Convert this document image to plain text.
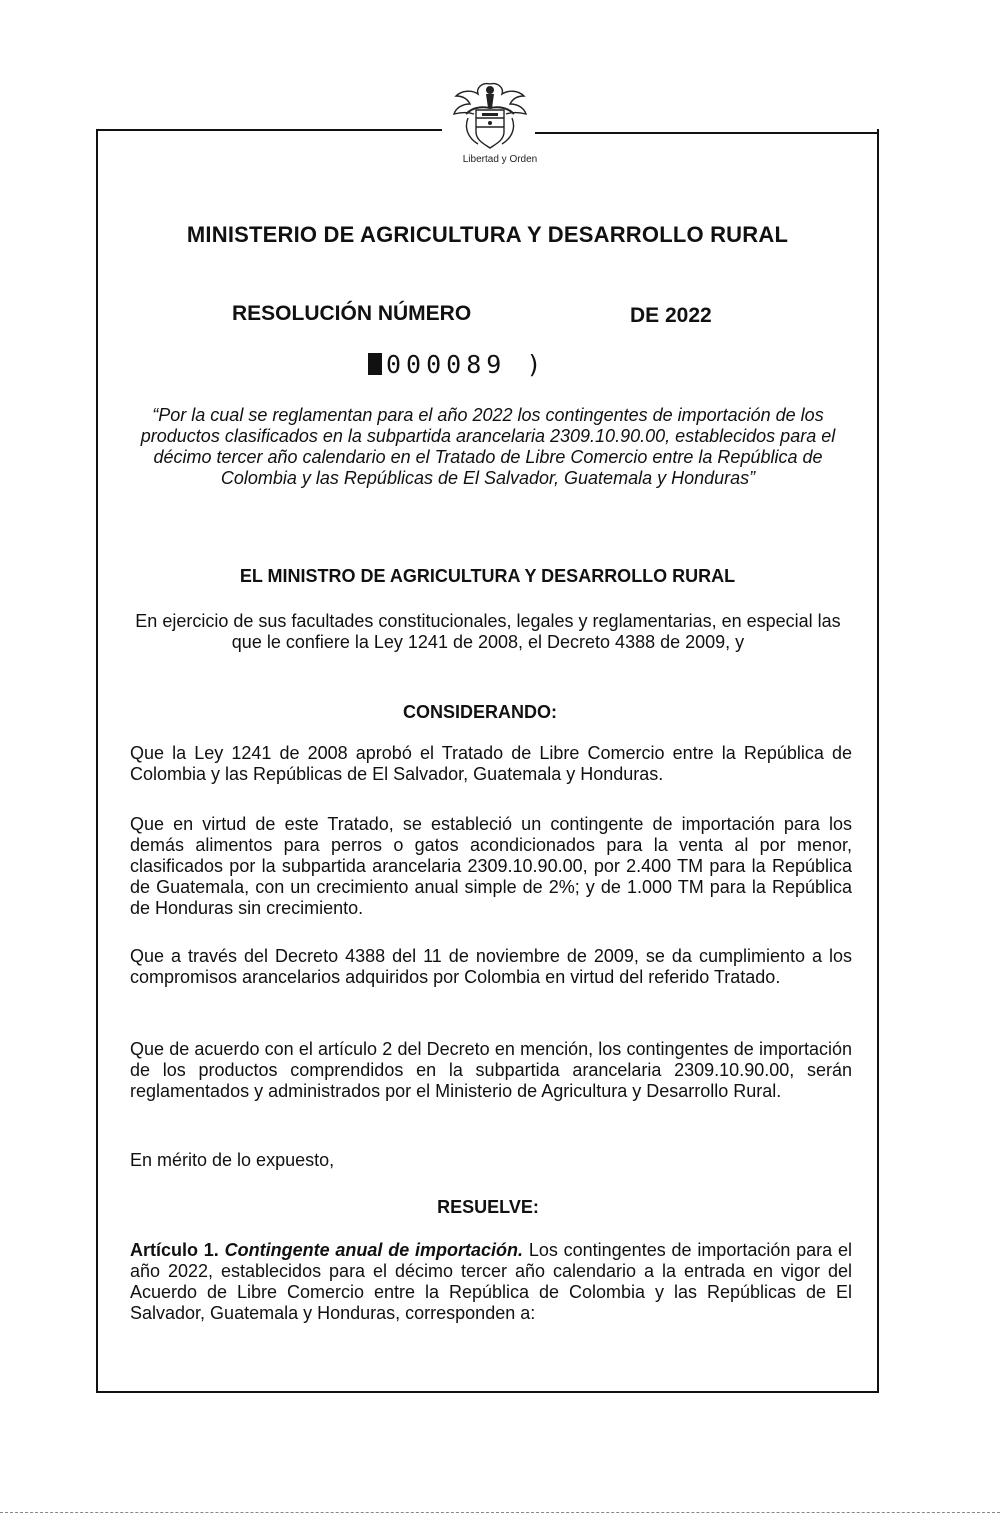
Libertad y Orden
MINISTERIO DE AGRICULTURA Y DESARROLLO RURAL
RESOLUCIÓN NÚMERO	DE 2022
000089 )
“Por la cual se reglamentan para el año 2022 los contingentes de importación de los productos clasificados en la subpartida arancelaria 2309.10.90.00, establecidos para el décimo tercer año calendario en el Tratado de Libre Comercio entre la República de Colombia y las Repúblicas de El Salvador, Guatemala y Honduras”
EL MINISTRO DE AGRICULTURA Y DESARROLLO RURAL
En ejercicio de sus facultades constitucionales, legales y reglamentarias, en especial las que le confiere la Ley 1241 de 2008, el Decreto 4388 de 2009, y
CONSIDERANDO:
Que la Ley 1241 de 2008 aprobó el Tratado de Libre Comercio entre la República de Colombia y las Repúblicas de El Salvador, Guatemala y Honduras.
Que en virtud de este Tratado, se estableció un contingente de importación para los demás alimentos para perros o gatos acondicionados para la venta al por menor, clasificados por la subpartida arancelaria 2309.10.90.00, por 2.400 TM para la República de Guatemala, con un crecimiento anual simple de 2%; y de 1.000 TM para la República de Honduras sin crecimiento.
Que a través del Decreto 4388 del 11 de noviembre de 2009, se da cumplimiento a los compromisos arancelarios adquiridos por Colombia en virtud del referido Tratado.
Que de acuerdo con el artículo 2 del Decreto en mención, los contingentes de importación de los productos comprendidos en la subpartida arancelaria 2309.10.90.00, serán reglamentados y administrados por el Ministerio de Agricultura y Desarrollo Rural.
En mérito de lo expuesto,
RESUELVE:
Artículo 1. Contingente anual de importación. Los contingentes de importación para el año 2022, establecidos para el décimo tercer año calendario a la entrada en vigor del Acuerdo de Libre Comercio entre la República de Colombia y las Repúblicas de El Salvador, Guatemala y Honduras, corresponden a:
